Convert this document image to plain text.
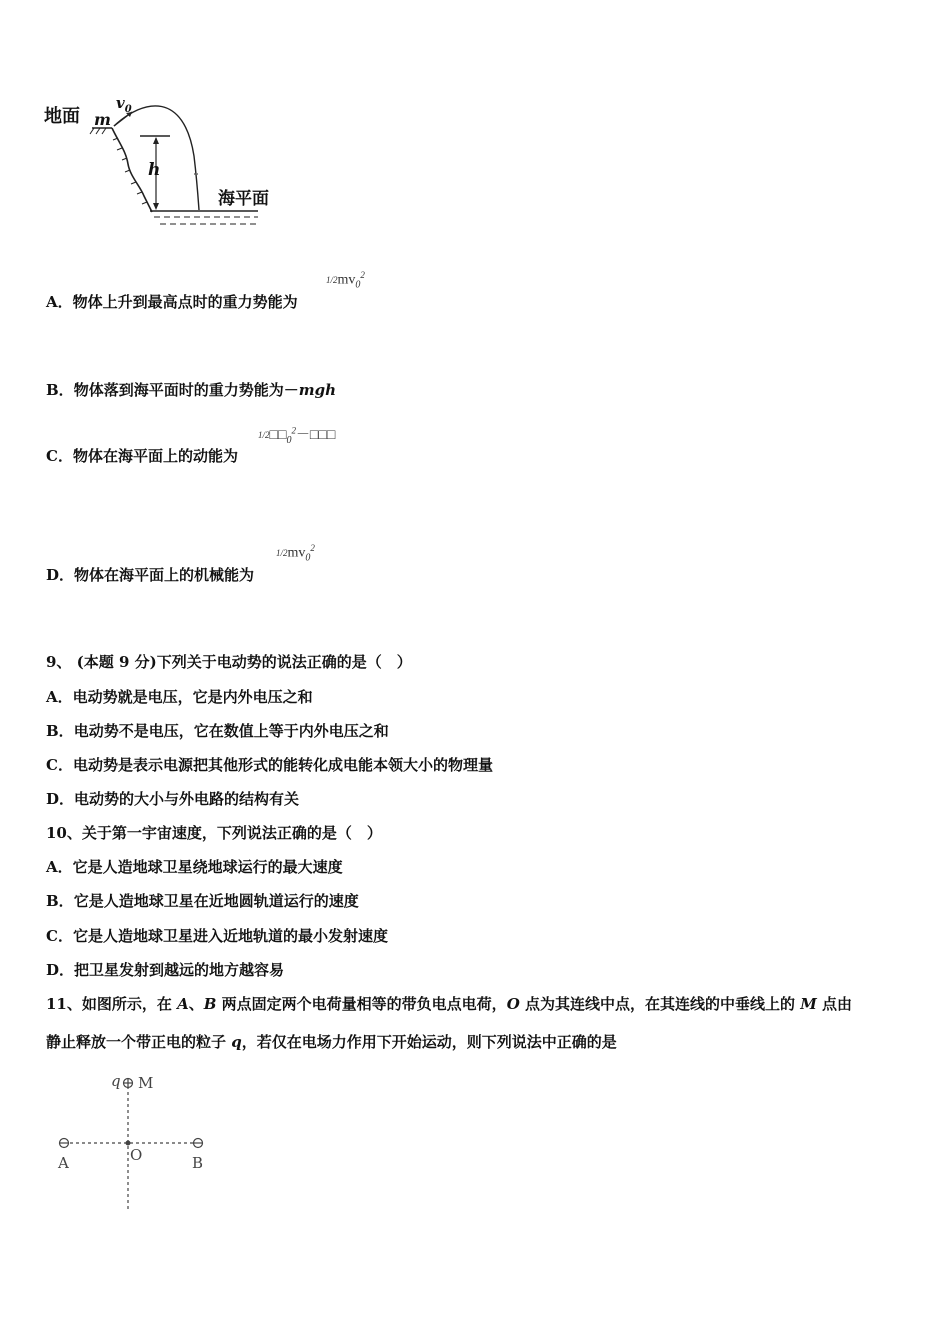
地面 m
$v_0$
h
海平面
A．物体上升到最高点时的重力势能为
$1/2mv_0^2$
B．物体落到海平面时的重力势能为－mgh
C．物体在海平面上的动能为
$1/2□□_0^2-□□□$
D．物体在海平面上的机械能为
$1/2mv_0^2$
9、 (本题 9 分)下列关于电动势的说法正确的是（　）
A．电动势就是电压，它是内外电压之和
B．电动势不是电压，它在数值上等于内外电压之和
C．电动势是表示电源把其他形式的能转化成电能本领大小的物理量
D．电动势的大小与外电路的结构有关
10、关于第一宇宙速度，下列说法正确的是（　）
A．它是人造地球卫星绕地球运行的最大速度
B．它是人造地球卫星在近地圆轨道运行的速度
C．它是人造地球卫星进入近地轨道的最小发射速度
D．把卫星发射到越远的地方越容易
11、如图所示，在 A、B 两点固定两个电荷量相等的带负电点电荷，O 点为其连线中点，在其连线的中垂线上的 M 点由
静止释放一个带正电的粒子 q，若仅在电场力作用下开始运动，则下列说法中正确的是
q M
A	O	B
